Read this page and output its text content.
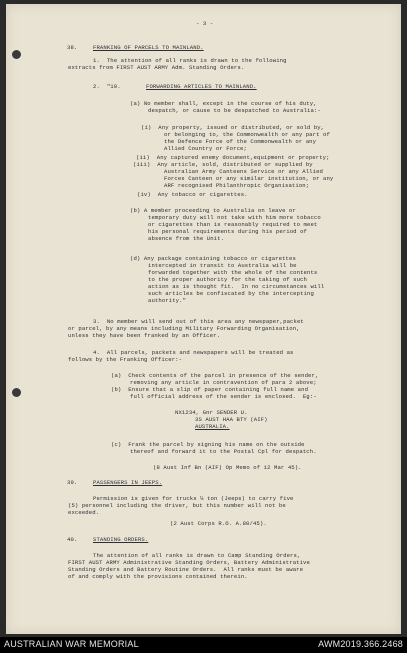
- 3 -
38.	FRANKING OF PARCELS TO MAINLAND.
1.  The attention of all ranks is drawn to the following
extracts from FIRST AUST ARMY Adm. Standing Orders.
2.  "19.	FORWARDING ARTICLES TO MAINLAND.
(a) No member shall, except in the course of his duty,
despatch, or cause to be despatched to Australia:-
(i)  Any property, issued or distributed, or sold by,
or belonging to, the Commonwealth or any part of
the Defence Force of the Commonwealth or any
Allied Country or Force;
(ii)  Any captured enemy document,equipment or property;
(iii)  Any article, sold, distributed or supplied by
Australian Army Canteens Service or any Allied
Forces Canteen or any similar institution, or any
ARF recognised Philanthropic Organisation;
(iv)  Any tobacco or cigarettes.
(b) A member proceeding to Australia on leave or
temporary duty will not take with him more tobacco
or cigarettes than is reasonably required to meet
his personal requirements during his period of
absence from the Unit.
(d) Any package containing tobacco or cigarettes
intercepted in transit to Australia will be
forwarded together with the whole of the contents
to the proper authority for the taking of such
action as is thought fit.  In no circumstances will
such articles be confiscated by the intercepting
authority."
3.  No member will send out of this area any newspaper,packet
or parcel, by any means including Military Forwarding Organisation,
unless they have been franked by an Officer.
4.  All parcels, packets and newspapers will be treated as
follows by the Franking Officer:-
(a)  Check contents of the parcel in presence of the sender,
removing any article in contravention of para 2 above;
(b)  Ensure that a slip of paper containing full name and
full official address of the sender is enclosed.  Eg:-
NX1234, Gnr SENDER U.
3S AUST HAA BTY (AIF)
AUSTRALIA.
(c)  Frank the parcel by signing his name on the outside
thereof and forward it to the Postal Cpl for despatch.
(8 Aust Inf Bn (AIF) Op Memo of 12 Mar 45).
39.	PASSENGERS IN JEEPS.
Permission is given for trucks ¼ ton (Jeeps) to carry five
(5) personnel including the driver, but this number will not be
exceeded.
(2 Aust Corps R.O. A.80/45).
40.	STANDING ORDERS.
The attention of all ranks is drawn to Camp Standing Orders,
FIRST AUST ARMY Administrative Standing Orders, Battery Administrative
Standing Orders and Battery Routine Orders.  All ranks must be aware
of and comply with the provisions contained therein.
AUSTRALIAN WAR MEMORIAL	AWM2019.366.2468
